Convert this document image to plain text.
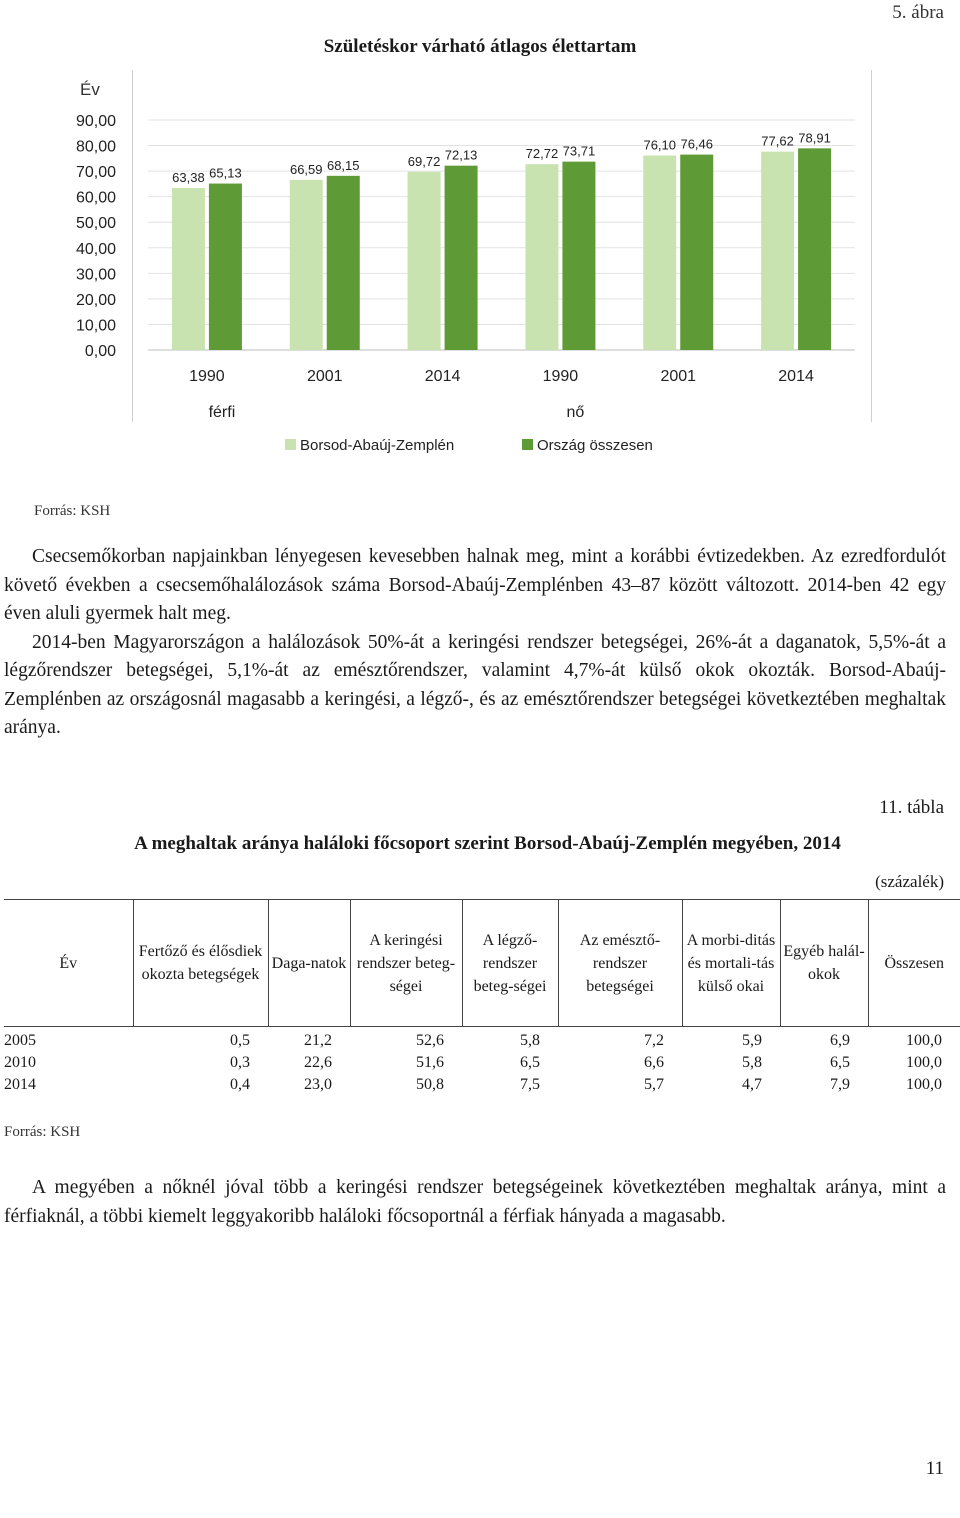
5. ábra
Születéskor várható átlagos élettartam
Év
0,00
10,00
20,00
30,00
40,00
50,00
60,00
70,00
80,00
90,00
63,38 65,13
1990
66,59 68,15
2001
69,72 72,13
2014
72,72 73,71
1990
76,10 76,46
2001
77,62 78,91
2014
férfi	nő
Borsod-Abaúj-Zemplén	Ország összesen
Forrás: KSH

Csecsemőkorban napjainkban lényegesen kevesebben halnak meg, mint a korábbi évtizedekben. Az ezredfordulót követő években a csecsemőhalálozások száma Borsod-Abaúj-Zemplénben 43–87 között változott. 2014-ben 42 egy éven aluli gyermek halt meg.

2014-ben Magyarországon a halálozások 50%-át a keringési rendszer betegségei, 26%-át a daganatok, 5,5%-át a légzőrendszer betegségei, 5,1%-át az emésztőrendszer, valamint 4,7%-át külső okok okozták. Borsod-Abaúj-Zemplénben az országosnál magasabb a keringési, a légző-, és az emésztőrendszer betegségei következtében meghaltak aránya.

11. tábla
A meghaltak aránya haláloki főcsoport szerint Borsod-Abaúj-Zemplén megyében, 2014
(százalék)
Év	Fertőző és élősdiek okozta betegségek	Daga-natok	A keringési rendszer beteg-ségei	A légző-rendszer beteg-ségei	Az emésztő-rendszer betegségei	A morbi-ditás és mortali-tás külső okai	Egyéb halál-okok	Összesen
2005	0,5	21,2	52,6	5,8	7,2	5,9	6,9	100,0
2010	0,3	22,6	51,6	6,5	6,6	5,8	6,5	100,0
2014	0,4	23,0	50,8	7,5	5,7	4,7	7,9	100,0
Forrás: KSH

A megyében a nőknél jóval több a keringési rendszer betegségeinek következtében meghaltak aránya, mint a férfiaknál, a többi kiemelt leggyakoribb haláloki főcsoportnál a férfiak hányada a magasabb.

11
